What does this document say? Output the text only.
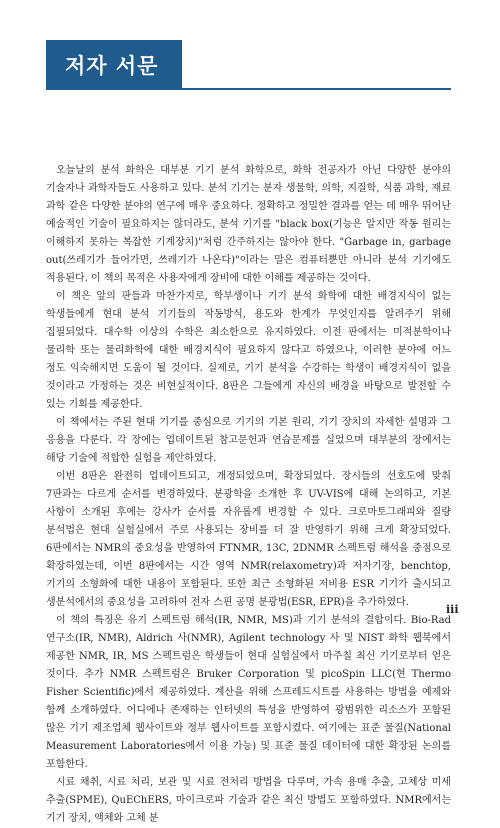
저자 서문

오늘날의 분석 화학은 대부분 기기 분석 화학으로, 화학 전공자가 아닌 다양한 분야의 기술자나 과학자들도 사용하고 있다. 분석 기기는 분자 생물학, 의학, 지질학, 식품 과학, 재료 과학 같은 다양한 분야의 연구에 매우 중요하다. 정확하고 정밀한 결과를 얻는 데 매우 뛰어난 예술적인 기술이 필요하지는 않더라도, 분석 기기를 "black box(기능은 알지만 작동 원리는 이해하지 못하는 복잡한 기계장치)"처럼 간주하지는 않아야 한다. "Garbage in, garbage out(쓰레기가 들어가면, 쓰레기가 나온다)"이라는 말은 컴퓨터뿐만 아니라 분석 기기에도 적용된다. 이 책의 목적은 사용자에게 장비에 대한 이해를 제공하는 것이다.

이 책은 앞의 판들과 마찬가지로, 학부생이나 기기 분석 화학에 대한 배경지식이 없는 학생들에게 현대 분석 기기들의 작동방식, 용도와 한계가 무엇인지를 알려주기 위해 집필되었다. 대수학 이상의 수학은 최소한으로 유지하였다. 이전 판에서는 미적분학이나 물리학 또는 물리화학에 대한 배경지식이 필요하지 않다고 하였으나, 이러한 분야에 어느 정도 익숙해지면 도움이 될 것이다. 실제로, 기기 분석을 수강하는 학생이 배경지식이 없을 것이라고 가정하는 것은 비현실적이다. 8판은 그들에게 자신의 배경을 바탕으로 발전할 수 있는 기회를 제공한다.

이 책에서는 주된 현대 기기를 중심으로 기기의 기본 원리, 기기 장치의 자세한 설명과 그 응용을 다룬다. 각 장에는 업데이트된 참고문헌과 연습문제를 실었으며 대부분의 장에서는 해당 기술에 적합한 실험을 제안하였다.

이번 8판은 완전히 업데이트되고, 개정되었으며, 확장되었다. 장시들의 선호도에 맞춰 7판과는 다르게 순서를 변경하였다. 분광학을 소개한 후 UV-VIS에 대해 논의하고, 기본 사항이 소개된 후에는 강사가 순서를 자유롭게 변경할 수 있다. 크로마토그래피와 질량 분석법은 현대 실험실에서 주로 사용되는 장비를 더 잘 반영하기 위해 크게 확장되었다. 6판에서는 NMR의 중요성을 반영하여 FTNMR, 13C, 2DNMR 스펙트럼 해석을 중점으로 확장하였는데, 이번 8판에서는 시간 영역 NMR(relaxometry)과 저자기장, benchtop, 기기의 소형화에 대한 내용이 포함된다. 또한 최근 소형화된 저비용 ESR 기기가 출시되고 생분석에서의 중요성을 고려하여 전자 스핀 공명 분광법(ESR, EPR)을 추가하였다.

이 책의 특징은 유기 스펙트럼 해석(IR, NMR, MS)과 기기 분석의 결합이다. Bio-Rad 연구소(IR, NMR), Aldrich 사(NMR), Agilent technology 사 및 NIST 화학 웹북에서 제공한 NMR, IR, MS 스펙트럼은 학생들이 현대 실험실에서 마주칠 최신 기기로부터 얻은 것이다. 추가 NMR 스펙트럼은 Bruker Corporation 및 picoSpin LLC(현 Thermo Fisher Scientific)에서 제공하였다. 계산을 위해 스프레드시트를 사용하는 방법을 예제와 함께 소개하였다. 어디에나 존재하는 인터넷의 특성을 반영하여 광범위한 리소스가 포함된 많은 기기 제조업체 웹사이트와 정부 웹사이트를 포함시켰다. 여기에는 표준 물질(National Measurement Laboratories에서 이용 가능) 및 표준 물질 데이터에 대한 확장된 논의를 포함한다.

시료 채취, 시료 처리, 보관 및 시료 전처리 방법을 다루며, 가속 용매 추출, 고체상 미세 추출(SPME), QuEChERS, 마이크로파 기술과 같은 최신 방법도 포함하였다. NMR에서는 기기 장치, 액체와 고체 분

iii
